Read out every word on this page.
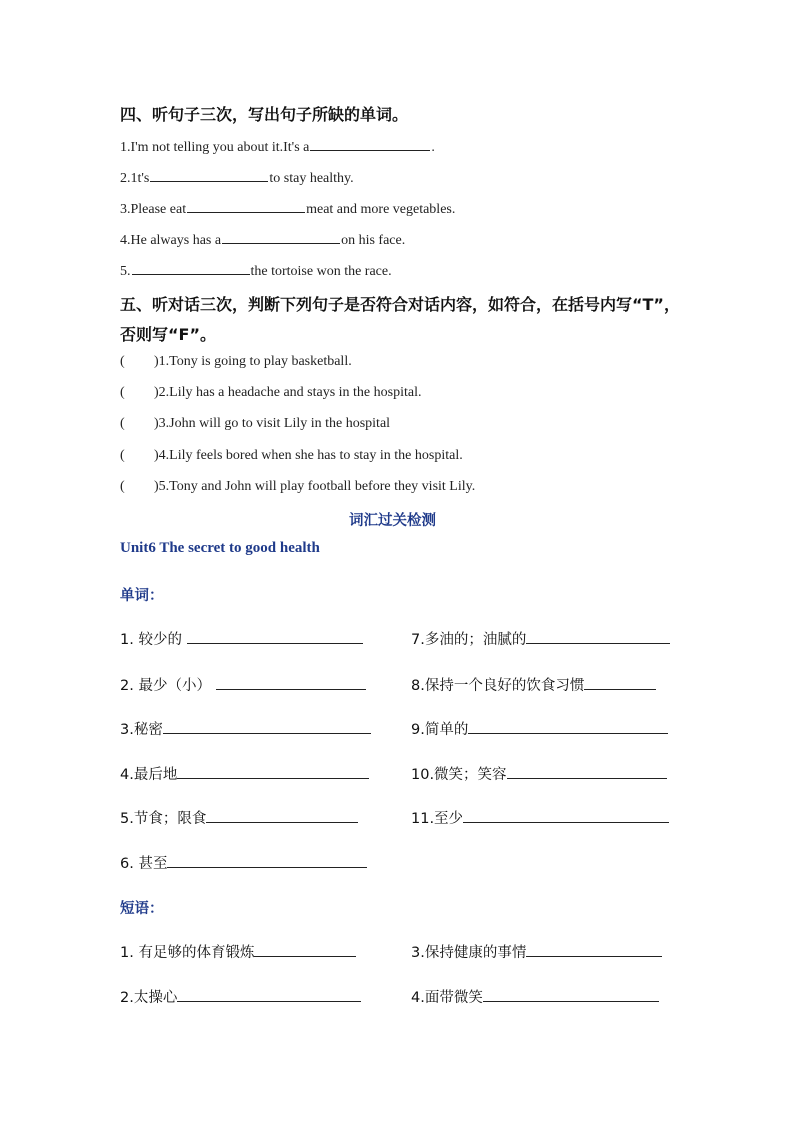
四、听句子三次，写出句子所缺的单词。
1.I'm not telling you about it.It's a	.
2.1t's	to stay healthy.
3.Please eat	meat and more vegetables.
4.He always has a	on his face.
5.	the tortoise won the race.
五、听对话三次，判断下列句子是否符合对话内容，如符合，在括号内写“T”，
否则写“F”。
( )1.Tony is going to play basketball.
( )2.Lily has a headache and stays in the hospital.
( )3.John will go to visit Lily in the hospital
( )4.Lily feels bored when she has to stay in the hospital.
( )5.Tony and John will play football before they visit Lily.
词汇过关检测
Unit6 The secret to good health
单词：
1. 较少的
2. 最少（小）
3.秘密
4.最后地
5.节食；限食
6. 甚至
7.多油的；油腻的
8.保持一个良好的饮食习惯
9.简单的
10.微笑；笑容
11.至少
短语：
1. 有足够的体育锻炼
2.太操心
3.保持健康的事情
4.面带微笑
